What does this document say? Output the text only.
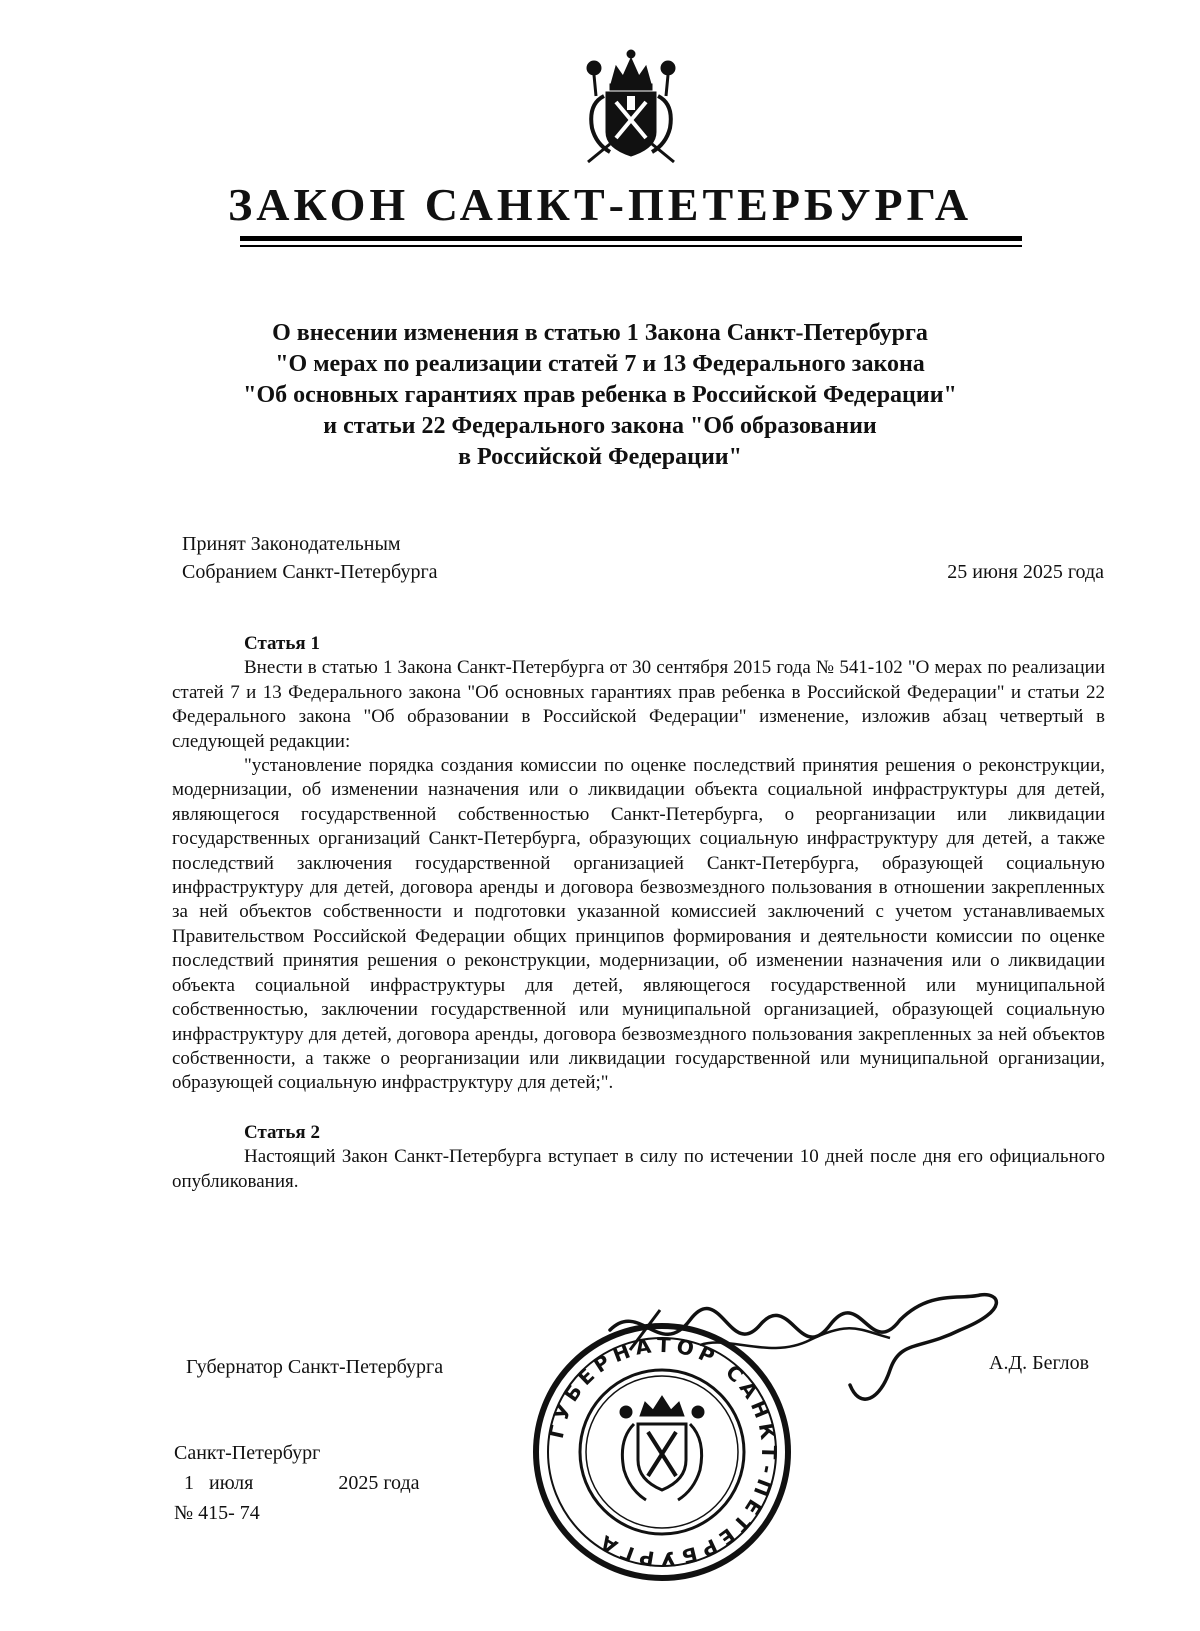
ЗАКОН САНКТ-ПЕТЕРБУРГА
О внесении изменения в статью 1 Закона Санкт-Петербурга
"О мерах по реализации статей 7 и 13 Федерального закона
"Об основных гарантиях прав ребенка в Российской Федерации"
и статьи 22 Федерального закона "Об образовании
в Российской Федерации"
Принят Законодательным
Собранием Санкт-Петербурга	25 июня 2025 года
Статья 1

Внести в статью 1 Закона Санкт-Петербурга от 30 сентября 2015 года № 541-102 "О мерах по реализации статей 7 и 13 Федерального закона "Об основных гарантиях прав ребенка в Российской Федерации" и статьи 22 Федерального закона "Об образовании в Российской Федерации" изменение, изложив абзац четвертый в следующей редакции:

"установление порядка создания комиссии по оценке последствий принятия решения о реконструкции, модернизации, об изменении назначения или о ликвидации объекта социальной инфраструктуры для детей, являющегося государственной собственностью Санкт-Петербурга, о реорганизации или ликвидации государственных организаций Санкт-Петербурга, образующих социальную инфраструктуру для детей, а также последствий заключения государственной организацией Санкт-Петербурга, образующей социальную инфраструктуру для детей, договора аренды и договора безвозмездного пользования в отношении закрепленных за ней объектов собственности и подготовки указанной комиссией заключений с учетом устанавливаемых Правительством Российской Федерации общих принципов формирования и деятельности комиссии по оценке последствий принятия решения о реконструкции, модернизации, об изменении назначения или о ликвидации объекта социальной инфраструктуры для детей, являющегося государственной или муниципальной собственностью, заключении государственной или муниципальной организацией, образующей социальную инфраструктуру для детей, договора аренды, договора безвозмездного пользования закрепленных за ней объектов собственности, а также о реорганизации или ликвидации государственной или муниципальной организации, образующей социальную инфраструктуру для детей;".

Статья 2

Настоящий Закон Санкт-Петербурга вступает в силу по истечении 10 дней после дня его официального опубликования.

Губернатор Санкт-Петербурга	А.Д. Беглов
Санкт-Петербург
1 июля	2025 года
№ 415- 74
ГУБЕРНАТОР САНКТ-ПЕТЕРБУРГА
